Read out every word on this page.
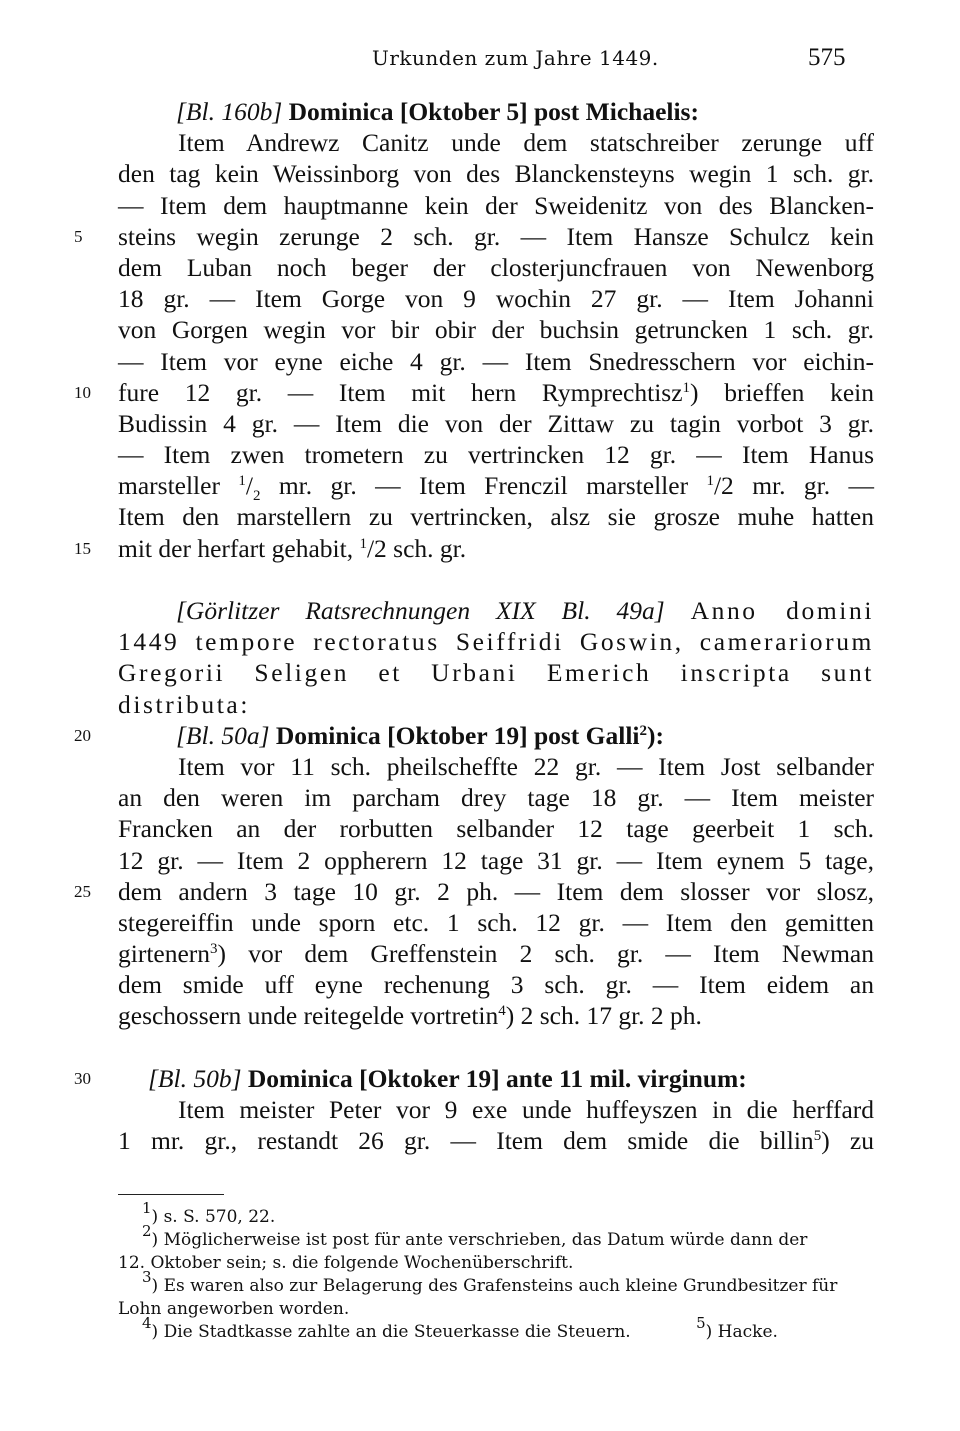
Urkunden zum Jahre 1449.	575
[Bl. 160b] Dominica [Oktober 5] post Michaelis:
Item Andrewz Canitz unde dem statschreiber zerunge uff
den tag kein Weissinborg von des Blanckensteyns wegin 1 sch. gr.
— Item dem hauptmanne kein der Sweidenitz von des Blancken-
5	steins wegin zerunge 2 sch. gr. — Item Hansze Schulcz kein
dem Luban noch beger der closterjuncfrauen von Newenborg
18 gr. — Item Gorge von 9 wochin 27 gr. — Item Johanni
von Gorgen wegin vor bir obir der buchsin getruncken 1 sch. gr.
— Item vor eyne eiche 4 gr. — Item Snedresschern vor eichin-
10	fure 12 gr. — Item mit hern Rymprechtisz$^1$) brieffen kein
Budissin 4 gr. — Item die von der Zittaw zu tagin vorbot 3 gr.
— Item zwen trometern zu vertrincken 12 gr. — Item Hanus
marsteller $^1/_2$ mr. gr. — Item Frenczil marsteller $^1$/2 mr. gr. —
Item den marstellern zu vertrincken, alsz sie grosze muhe hatten
15	mit der herfart gehabit, $^1$/2 sch. gr.
[Görlitzer Ratsrechnungen XIX Bl. 49a] Anno domini
1449 tempore rectoratus Seiffridi Goswin, camerariorum
Gregorii Seligen et Urbani Emerich inscripta sunt
distributa:
20	[Bl. 50a] Dominica [Oktober 19] post Galli$^2$):
Item vor 11 sch. pheilscheffte 22 gr. — Item Jost selbander
an den weren im parcham drey tage 18 gr. — Item meister
Francken an der rorbutten selbander 12 tage geerbeit 1 sch.
12 gr. — Item 2 oppherern 12 tage 31 gr. — Item eynem 5 tage,
25	dem andern 3 tage 10 gr. 2 ph. — Item dem slosser vor slosz,
stegereiffin unde sporn etc. 1 sch. 12 gr. — Item den gemitten
girtenern$^3$) vor dem Greffenstein 2 sch. gr. — Item Newman
dem smide uff eyne rechenung 3 sch. gr. — Item eidem an
geschossern unde reitegelde vortretin$^4$) 2 sch. 17 gr. 2 ph.
30	[Bl. 50b] Dominica [Oktoker 19] ante 11 mil. virginum:
Item meister Peter vor 9 exe unde huffeyszen in die herffard
1 mr. gr., restandt 26 gr. — Item dem smide die billin$^5$) zu
$^1$) s. S. 570, 22.
$^2$) Möglicherweise ist post für ante verschrieben, das Datum würde dann der
12. Oktober sein; s. die folgende Wochenüberschrift.
$^3$) Es waren also zur Belagerung des Grafensteins auch kleine Grundbesitzer für
Lohn angeworben worden.
$^4$) Die Stadtkasse zahlte an die Steuerkasse die Steuern.	$^5$) Hacke.
